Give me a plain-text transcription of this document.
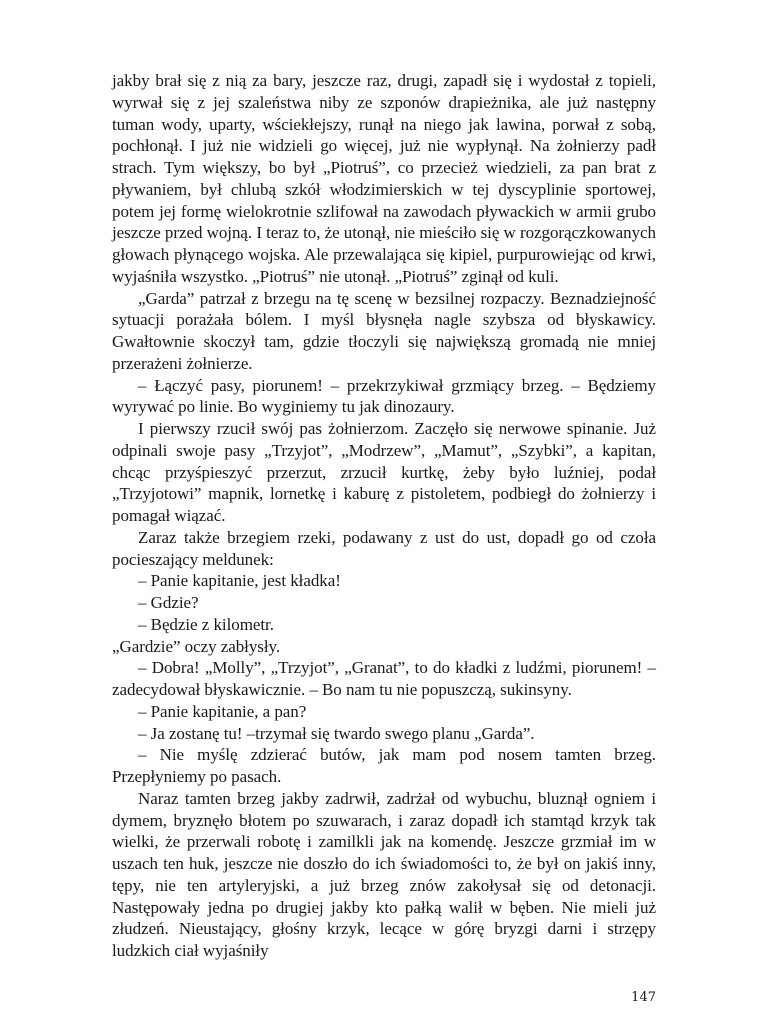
jakby brał się z nią za bary, jeszcze raz, drugi, zapadł się i wydostał z topieli, wyrwał się z jej szaleństwa niby ze szponów drapieżnika, ale już następny tuman wody, uparty, wściekłejszy, runął na niego jak lawina, porwał z sobą, pochłonął. I już nie widzieli go więcej, już nie wypłynął. Na żołnierzy padł strach. Tym większy, bo był „Piotruś”, co przecież wiedzieli, za pan brat z pływaniem, był chlubą szkół włodzimierskich w tej dyscyplinie sportowej, potem jej formę wielokrotnie szlifował na zawodach pływackich w armii grubo jeszcze przed wojną. I teraz to, że utonął, nie mieściło się w rozgorączkowanych głowach płynącego wojska. Ale przewalająca się kipiel, purpurowiejąc od krwi, wyjaśniła wszystko. „Piotruś” nie utonął. „Piotruś” zginął od kuli.

„Garda” patrzał z brzegu na tę scenę w bezsilnej rozpaczy. Beznadziejność sytuacji porażała bólem. I myśl błysnęła nagle szybsza od błyskawicy. Gwałtownie skoczył tam, gdzie tłoczyli się największą gromadą nie mniej przerażeni żołnierze.

– Łączyć pasy, piorunem! – przekrzykiwał grzmiący brzeg. – Będziemy wyrywać po linie. Bo wyginiemy tu jak dinozaury.

I pierwszy rzucił swój pas żołnierzom. Zaczęło się nerwowe spinanie. Już odpinali swoje pasy „Trzyjot”, „Modrzew”, „Mamut”, „Szybki”, a kapitan, chcąc przyśpieszyć przerzut, zrzucił kurtkę, żeby było luźniej, podał „Trzyjotowi” mapnik, lornetkę i kaburę z pistoletem, podbiegł do żołnierzy i pomagał wiązać.

Zaraz także brzegiem rzeki, podawany z ust do ust, dopadł go od czoła pocieszający meldunek:

– Panie kapitanie, jest kładka!

– Gdzie?

– Będzie z kilometr.

„Gardzie” oczy zabłysły.

– Dobra! „Molly”, „Trzyjot”, „Granat”, to do kładki z ludźmi, piorunem! – zadecydował błyskawicznie. – Bo nam tu nie popuszczą, sukinsyny.

– Panie kapitanie, a pan?

– Ja zostanę tu! –trzymał się twardo swego planu „Garda”.

– Nie myślę zdzierać butów, jak mam pod nosem tamten brzeg. Przepłyniemy po pasach.

Naraz tamten brzeg jakby zadrwił, zadrżał od wybuchu, bluznął ogniem i dymem, bryznęło błotem po szuwarach, i zaraz dopadł ich stamtąd krzyk tak wielki, że przerwali robotę i zamilkli jak na komendę. Jeszcze grzmiał im w uszach ten huk, jeszcze nie doszło do ich świadomości to, że był on jakiś inny, tępy, nie ten artyleryjski, a już brzeg znów zakołysał się od detonacji. Następowały jedna po drugiej jakby kto pałką walił w bęben. Nie mieli już złudzeń. Nieustający, głośny krzyk, lecące w górę bryzgi darni i strzępy ludzkich ciał wyjaśniły

147
